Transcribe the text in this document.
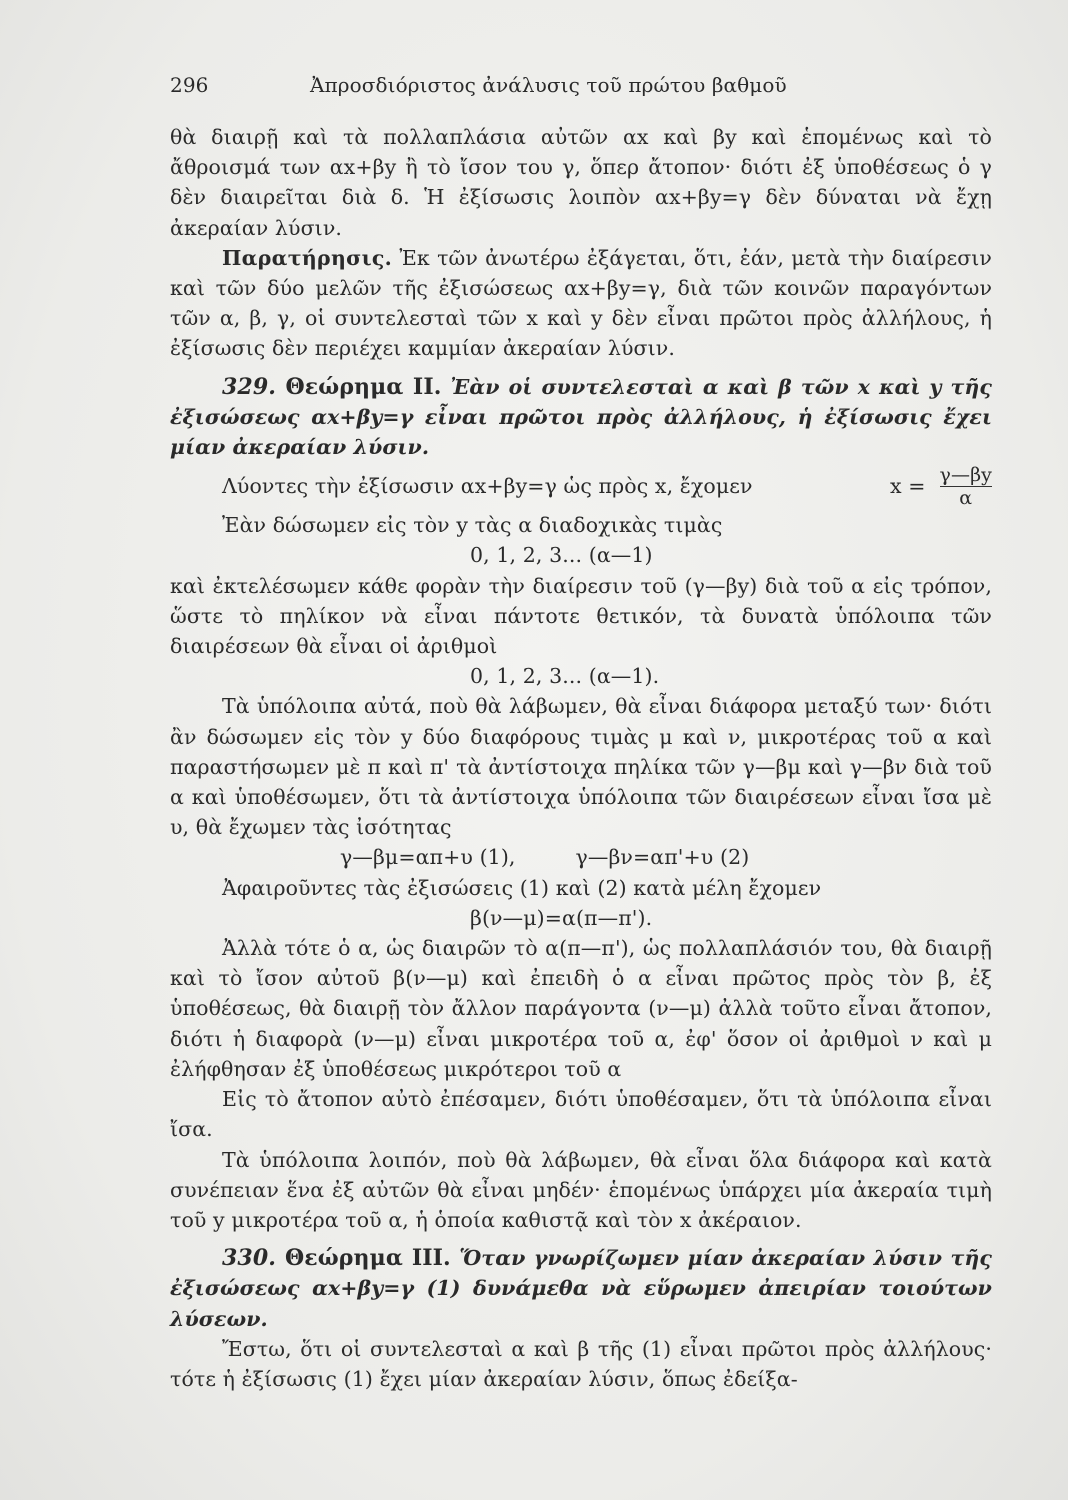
296	Ἀπροσδιόριστος ἀνάλυσις τοῦ πρώτου βαθμοῦ

θὰ διαιρῇ καὶ τὰ πολλαπλάσια αὐτῶν αx καὶ βy καὶ ἑπομένως καὶ τὸ ἄθροισμά των αx+βy ἢ τὸ ἴσον του γ, ὅπερ ἄτοπον· διότι ἐξ ὑποθέσεως ὁ γ δὲν διαιρεῖται διὰ δ. Ἡ ἐξίσωσις λοιπὸν αx+βy=γ δὲν δύναται νὰ ἔχῃ ἀκεραίαν λύσιν.

Παρατήρησις. Ἐκ τῶν ἀνωτέρω ἐξάγεται, ὅτι, ἐάν, μετὰ τὴν διαίρεσιν καὶ τῶν δύο μελῶν τῆς ἐξισώσεως αx+βy=γ, διὰ τῶν κοινῶν παραγόντων τῶν α, β, γ, οἱ συντελεσταὶ τῶν x καὶ y δὲν εἶναι πρῶτοι πρὸς ἀλλήλους, ἡ ἐξίσωσις δὲν περιέχει καμμίαν ἀκεραίαν λύσιν.

329. Θεώρημα II. Ἐὰν οἱ συντελεσταὶ α καὶ β τῶν x καὶ y τῆς ἐξισώσεως αx+βy=γ εἶναι πρῶτοι πρὸς ἀλλήλους, ἡ ἐξίσωσις ἔχει μίαν ἀκεραίαν λύσιν.

Λύοντες τὴν ἐξίσωσιν αx+βy=γ ὡς πρὸς x, ἔχομεν	$x = \frac{\gamma—\beta y}{\alpha}$

Ἐὰν δώσωμεν εἰς τὸν y τὰς α διαδοχικὰς τιμὰς

0, 1, 2, 3... (α—1)

καὶ ἐκτελέσωμεν κάθε φορὰν τὴν διαίρεσιν τοῦ (γ—βy) διὰ τοῦ α εἰς τρόπον, ὥστε τὸ πηλίκον νὰ εἶναι πάντοτε θετικόν, τὰ δυνατὰ ὑπόλοιπα τῶν διαιρέσεων θὰ εἶναι οἱ ἀριθμοὶ

0, 1, 2, 3... (α—1).

Τὰ ὑπόλοιπα αὐτά, ποὺ θὰ λάβωμεν, θὰ εἶναι διάφορα μεταξύ των· διότι ἂν δώσωμεν εἰς τὸν y δύο διαφόρους τιμὰς μ καὶ ν, μικροτέρας τοῦ α καὶ παραστήσωμεν μὲ π καὶ π' τὰ ἀντίστοιχα πηλίκα τῶν γ—βμ καὶ γ—βν διὰ τοῦ α καὶ ὑποθέσωμεν, ὅτι τὰ ἀντίστοιχα ὑπόλοιπα τῶν διαιρέσεων εἶναι ἴσα μὲ υ, θὰ ἔχωμεν τὰς ἰσότητας

γ—βμ=απ+υ (1),	γ—βν=απ'+υ (2)

Ἀφαιροῦντες τὰς ἐξισώσεις (1) καὶ (2) κατὰ μέλη ἔχομεν

β(ν—μ)=α(π—π').

Ἀλλὰ τότε ὁ α, ὡς διαιρῶν τὸ α(π—π'), ὡς πολλαπλάσιόν του, θὰ διαιρῇ καὶ τὸ ἴσον αὐτοῦ β(ν—μ) καὶ ἐπειδὴ ὁ α εἶναι πρῶτος πρὸς τὸν β, ἐξ ὑποθέσεως, θὰ διαιρῇ τὸν ἄλλον παράγοντα (ν—μ) ἀλλὰ τοῦτο εἶναι ἄτοπον, διότι ἡ διαφορὰ (ν—μ) εἶναι μικροτέρα τοῦ α, ἐφ' ὅσον οἱ ἀριθμοὶ ν καὶ μ ἐλήφθησαν ἐξ ὑποθέσεως μικρότεροι τοῦ α

Εἰς τὸ ἄτοπον αὐτὸ ἐπέσαμεν, διότι ὑποθέσαμεν, ὅτι τὰ ὑπόλοιπα εἶναι ἴσα.

Τὰ ὑπόλοιπα λοιπόν, ποὺ θὰ λάβωμεν, θὰ εἶναι ὅλα διάφορα καὶ κατὰ συνέπειαν ἕνα ἐξ αὐτῶν θὰ εἶναι μηδέν· ἑπομένως ὑπάρχει μία ἀκεραία τιμὴ τοῦ y μικροτέρα τοῦ α, ἡ ὁποία καθιστᾷ καὶ τὸν x ἀκέραιον.

330. Θεώρημα III. Ὅταν γνωρίζωμεν μίαν ἀκεραίαν λύσιν τῆς ἐξισώσεως αx+βy=γ (1) δυνάμεθα νὰ εὕρωμεν ἀπειρίαν τοιούτων λύσεων.

Ἔστω, ὅτι οἱ συντελεσταὶ α καὶ β τῆς (1) εἶναι πρῶτοι πρὸς ἀλλήλους· τότε ἡ ἐξίσωσις (1) ἔχει μίαν ἀκεραίαν λύσιν, ὅπως ἐδείξα-
